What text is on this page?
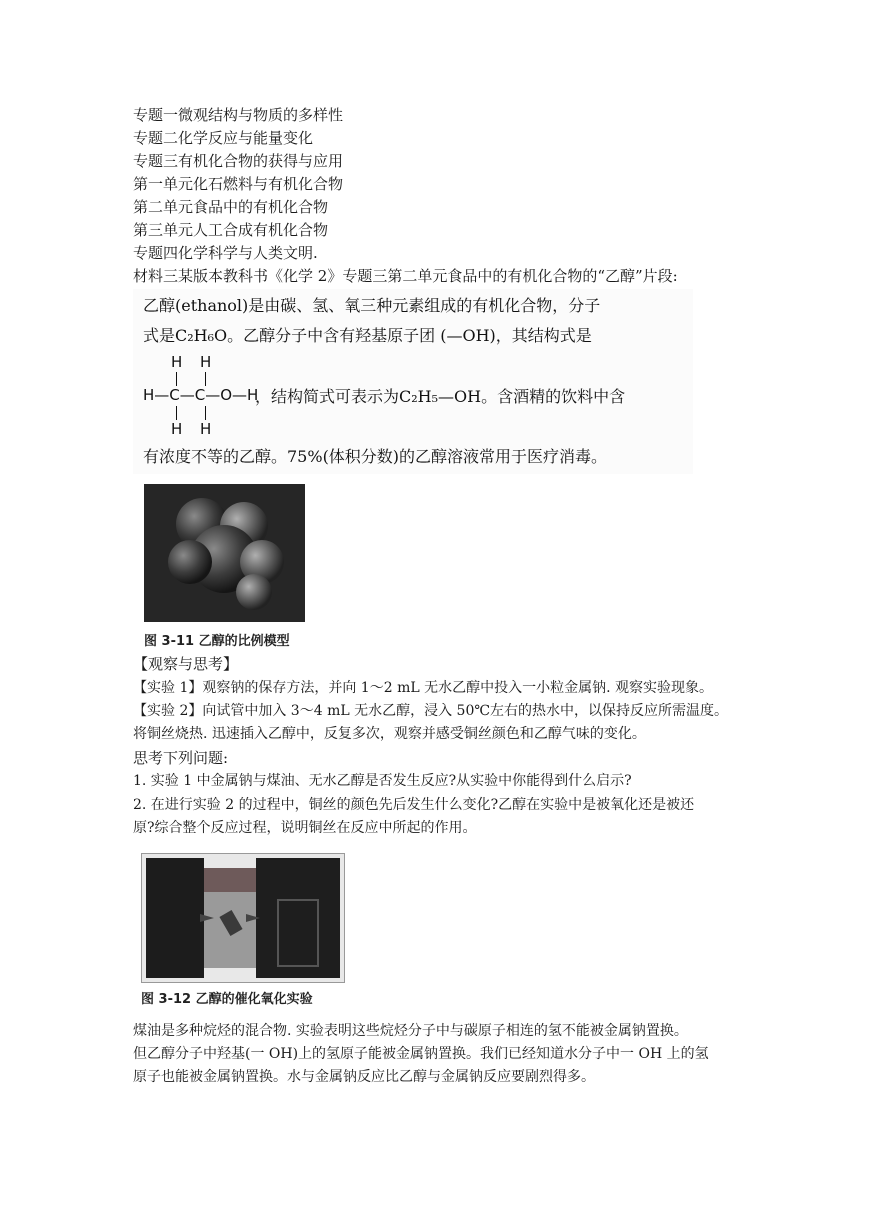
专题一微观结构与物质的多样性
专题二化学反应与能量变化
专题三有机化合物的获得与应用
第一单元化石燃料与有机化合物
第二单元食品中的有机化合物
第三单元人工合成有机化合物
专题四化学科学与人类文明.
材料三某版本教科书《化学 2》专题三第二单元食品中的有机化合物的“乙醇”片段:
乙醇(ethanol)是由碳、氢、氧三种元素组成的有机化合物，分子
式是C₂H₆O。乙醇分子中含有羟基原子团 (—OH)，其结构式是
H H
H—C—C—O—H
H H
，结构简式可表示为C₂H₅—OH。含酒精的饮料中含
有浓度不等的乙醇。75%(体积分数)的乙醇溶液常用于医疗消毒。
图 3-11 乙醇的比例模型
【观察与思考】
【实验 1】观察钠的保存方法，并向 1～2 mL 无水乙醇中投入一小粒金属钠. 观察实验现象。
【实验 2】向试管中加入 3～4 mL 无水乙醇，浸入 50℃左右的热水中，以保持反应所需温度。
将铜丝烧热. 迅速插入乙醇中，反复多次，观察并感受铜丝颜色和乙醇气味的变化。
思考下列问题:
1. 实验 1 中金属钠与煤油、无水乙醇是否发生反应?从实验中你能得到什么启示?
2. 在进行实验 2 的过程中，铜丝的颜色先后发生什么变化?乙醇在实验中是被氧化还是被还
原?综合整个反应过程，说明铜丝在反应中所起的作用。
图 3-12 乙醇的催化氧化实验
煤油是多种烷烃的混合物. 实验表明这些烷烃分子中与碳原子相连的氢不能被金属钠置换。
但乙醇分子中羟基(一 OH)上的氢原子能被金属钠置换。我们已经知道水分子中一 OH 上的氢
原子也能被金属钠置换。水与金属钠反应比乙醇与金属钠反应要剧烈得多。
